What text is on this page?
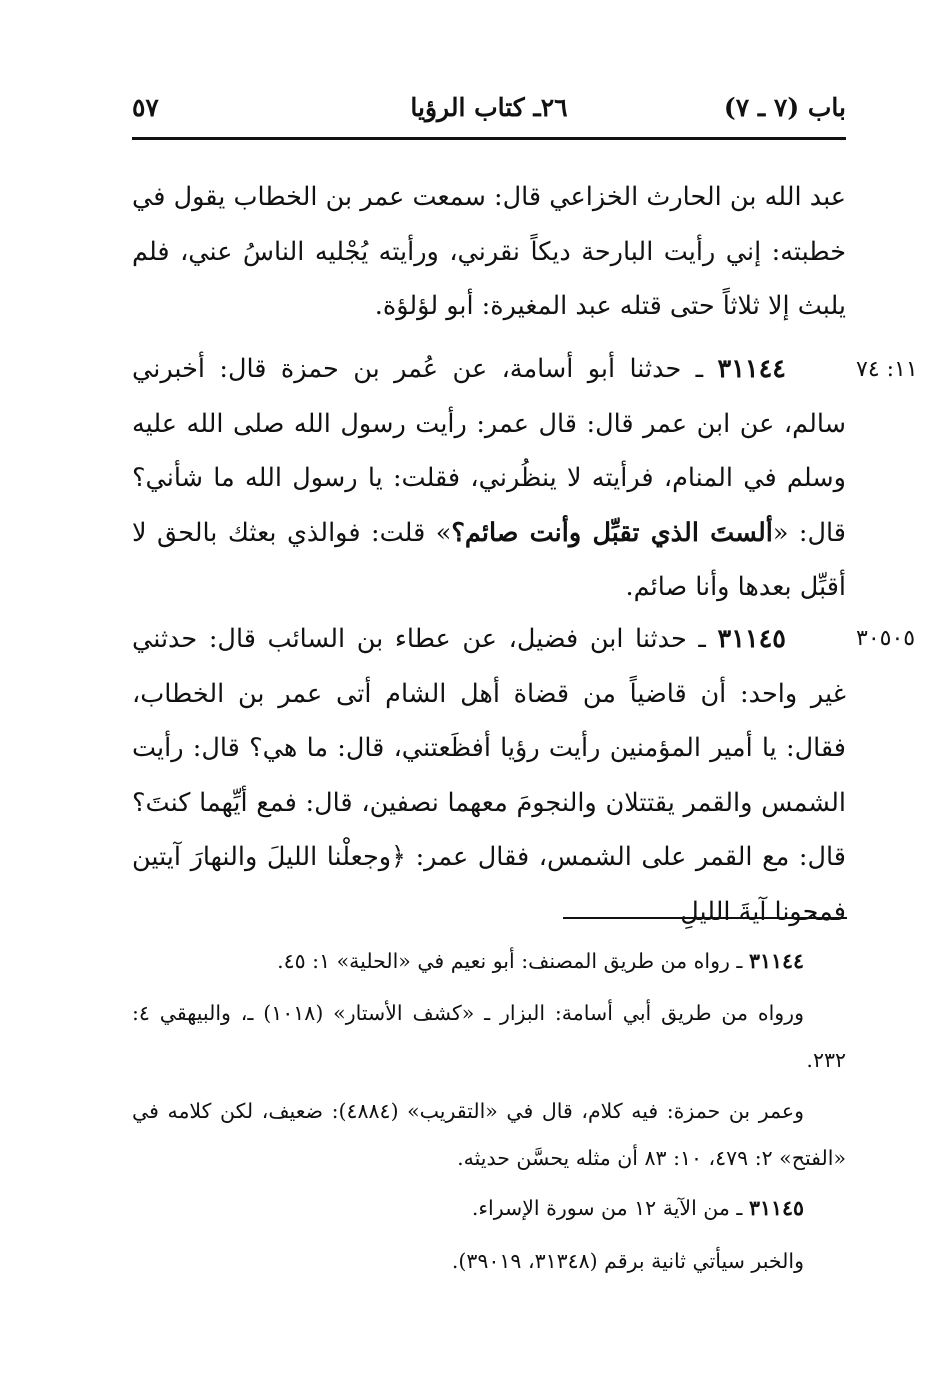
باب (٧ ـ ٧)
٢٦ـ كتاب الرؤيا
٥٧

عبد الله بن الحارث الخزاعي قال: سمعت عمر بن الخطاب يقول في خطبته: إني رأيت البارحة ديكاً نقرني، ورأيته يُجْليه الناسُ عني، فلم يلبث إلا ثلاثاً حتى قتله عبد المغيرة: أبو لؤلؤة.

١١: ٧٤

٣١١٤٤ ـ حدثنا أبو أسامة، عن عُمر بن حمزة قال: أخبرني سالم، عن ابن عمر قال: قال عمر: رأيت رسول الله صلى الله عليه وسلم في المنام، فرأيته لا ينظُرني، فقلت: يا رسول الله ما شأني؟ قال: «ألستَ الذي تقبِّل وأنت صائم؟» قلت: فوالذي بعثك بالحق لا أقبِّل بعدها وأنا صائم.

٣٠٥٠٥

٣١١٤٥ ـ حدثنا ابن فضيل، عن عطاء بن السائب قال: حدثني غير واحد: أن قاضياً من قضاة أهل الشام أتى عمر بن الخطاب، فقال: يا أمير المؤمنين رأيت رؤيا أفظَعتني، قال: ما هي؟ قال: رأيت الشمس والقمر يقتتلان والنجومَ معهما نصفين، قال: فمع أيِّهما كنتَ؟ قال: مع القمر على الشمس، فقال عمر: ﴿وجعلْنا الليلَ والنهارَ آيتين فمحونا آيةَ الليلِ

٣١١٤٤ ـ رواه من طريق المصنف: أبو نعيم في «الحلية» ١: ٤٥.

ورواه من طريق أبي أسامة: البزار ـ «كشف الأستار» (١٠١٨) ـ، والبيهقي ٤: ٢٣٢.

وعمر بن حمزة: فيه كلام، قال في «التقريب» (٤٨٨٤): ضعيف، لكن كلامه في «الفتح» ٢: ٤٧٩، ١٠: ٨٣ أن مثله يحسَّن حديثه.

٣١١٤٥ ـ من الآية ١٢ من سورة الإسراء.

والخبر سيأتي ثانية برقم (٣١٣٤٨، ٣٩٠١٩).
